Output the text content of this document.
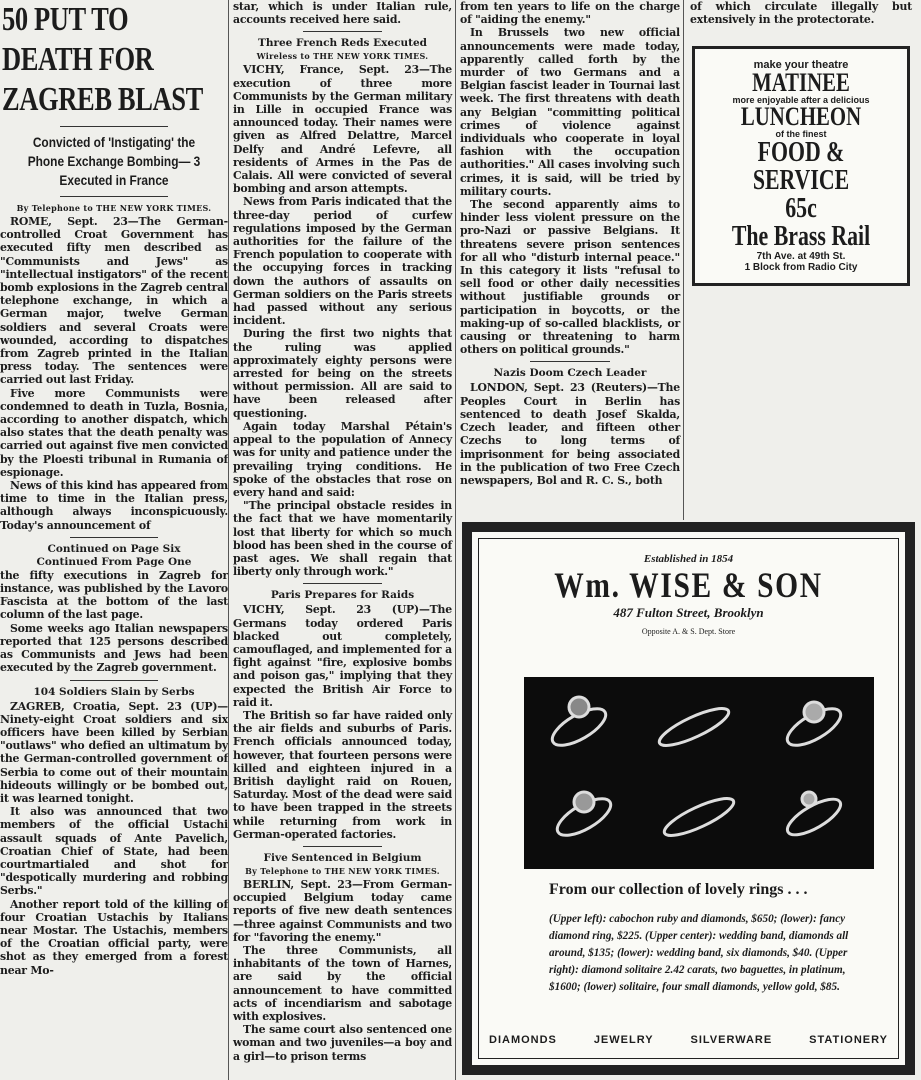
50 PUT TO DEATH FOR ZAGREB BLAST
Convicted of 'Instigating' the Phone Exchange Bombing— 3 Executed in France
By Telephone to THE NEW YORK TIMES.

ROME, Sept. 23—The German-controlled Croat Government has executed fifty men described as "Communists and Jews" as "intellectual instigators" of the recent bomb explosions in the Zagreb central telephone exchange, in which a German major, twelve German soldiers and several Croats were wounded, according to dispatches from Zagreb printed in the Italian press today. The sentences were carried out last Friday.

Five more Communists were condemned to death in Tuzla, Bosnia, according to another dispatch, which also states that the death penalty was carried out against five men convicted by the Ploesti tribunal in Rumania of espionage.

News of this kind has appeared from time to time in the Italian press, although always inconspicuously. Today's announcement of

Continued on Page Six
Continued From Page One

the fifty executions in Zagreb for instance, was published by the Lavoro Fascista at the bottom of the last column of the last page.

Some weeks ago Italian newspapers reported that 125 persons described as Communists and Jews had been executed by the Zagreb government.

104 Soldiers Slain by Serbs

ZAGREB, Croatia, Sept. 23 (UP)—Ninety-eight Croat soldiers and six officers have been killed by Serbian "outlaws" who defied an ultimatum by the German-controlled government of Serbia to come out of their mountain hideouts willingly or be bombed out, it was learned tonight.

It also was announced that two members of the official Ustachi assault squads of Ante Pavelich, Croatian Chief of State, had been courtmartialed and shot for "despotically murdering and robbing Serbs."

Another report told of the killing of four Croatian Ustachis by Italians near Mostar. The Ustachis, members of the Croatian official party, were shot as they emerged from a forest near Mo-

star, which is under Italian rule, accounts received here said.

Three French Reds Executed
Wireless to THE NEW YORK TIMES.

VICHY, France, Sept. 23—The execution of three more Communists by the German military in Lille in occupied France was announced today. Their names were given as Alfred Delattre, Marcel Delfy and André Lefevre, all residents of Armes in the Pas de Calais. All were convicted of several bombing and arson attempts.

News from Paris indicated that the three-day period of curfew regulations imposed by the German authorities for the failure of the French population to cooperate with the occupying forces in tracking down the authors of assaults on German soldiers on the Paris streets had passed without any serious incident.

During the first two nights that the ruling was applied approximately eighty persons were arrested for being on the streets without permission. All are said to have been released after questioning.

Again today Marshal Pétain's appeal to the population of Annecy was for unity and patience under the prevailing trying conditions. He spoke of the obstacles that rose on every hand and said:

"The principal obstacle resides in the fact that we have momentarily lost that liberty for which so much blood has been shed in the course of past ages. We shall regain that liberty only through work."

Paris Prepares for Raids

VICHY, Sept. 23 (UP)—The Germans today ordered Paris blacked out completely, camouflaged, and implemented for a fight against "fire, explosive bombs and poison gas," implying that they expected the British Air Force to raid it.

The British so far have raided only the air fields and suburbs of Paris. French officials announced today, however, that fourteen persons were killed and eighteen injured in a British daylight raid on Rouen, Saturday. Most of the dead were said to have been trapped in the streets while returning from work in German-operated factories.

Five Sentenced in Belgium
By Telephone to THE NEW YORK TIMES.

BERLIN, Sept. 23—From German-occupied Belgium today came reports of five new death sentences —three against Communists and two for "favoring the enemy."

The three Communists, all inhabitants of the town of Harnes, are said by the official announcement to have committed acts of incendiarism and sabotage with explosives.

The same court also sentenced one woman and two juveniles—a boy and a girl—to prison terms

from ten years to life on the charge of "aiding the enemy."

In Brussels two new official announcements were made today, apparently called forth by the murder of two Germans and a Belgian fascist leader in Tournai last week. The first threatens with death any Belgian "committing political crimes of violence against individuals who cooperate in loyal fashion with the occupation authorities." All cases involving such crimes, it is said, will be tried by military courts.

The second apparently aims to hinder less violent pressure on the pro-Nazi or passive Belgians. It threatens severe prison sentences for all who "disturb internal peace." In this category it lists "refusal to sell food or other daily necessities without justifiable grounds or participation in boycotts, or the making-up of so-called blacklists, or causing or threatening to harm others on political grounds."

Nazis Doom Czech Leader

LONDON, Sept. 23 (Reuters)—The Peoples Court in Berlin has sentenced to death Josef Skalda, Czech leader, and fifteen other Czechs to long terms of imprisonment for being associated in the publication of two Free Czech newspapers, Bol and R. C. S., both

of which circulate illegally but extensively in the protectorate.

make your theatre
MATINEE
more enjoyable after a delicious
LUNCHEON
of the finest
FOOD & SERVICE
65c
The Brass Rail
7th Ave. at 49th St.
1 Block from Radio City
Established in 1854
Wm. WISE & SON
487 Fulton Street, Brooklyn
Opposite A. & S. Dept. Store
From our collection of lovely rings . . .
(Upper left): cabochon ruby and diamonds, $650; (lower): fancy diamond ring, $225. (Upper center): wedding band, diamonds all around, $135; (lower): wedding band, six diamonds, $40. (Upper right): diamond solitaire 2.42 carats, two baguettes, in platinum, $1600; (lower) solitaire, four small diamonds, yellow gold, $85.
DIAMONDS	JEWELRY	SILVERWARE	STATIONERY
